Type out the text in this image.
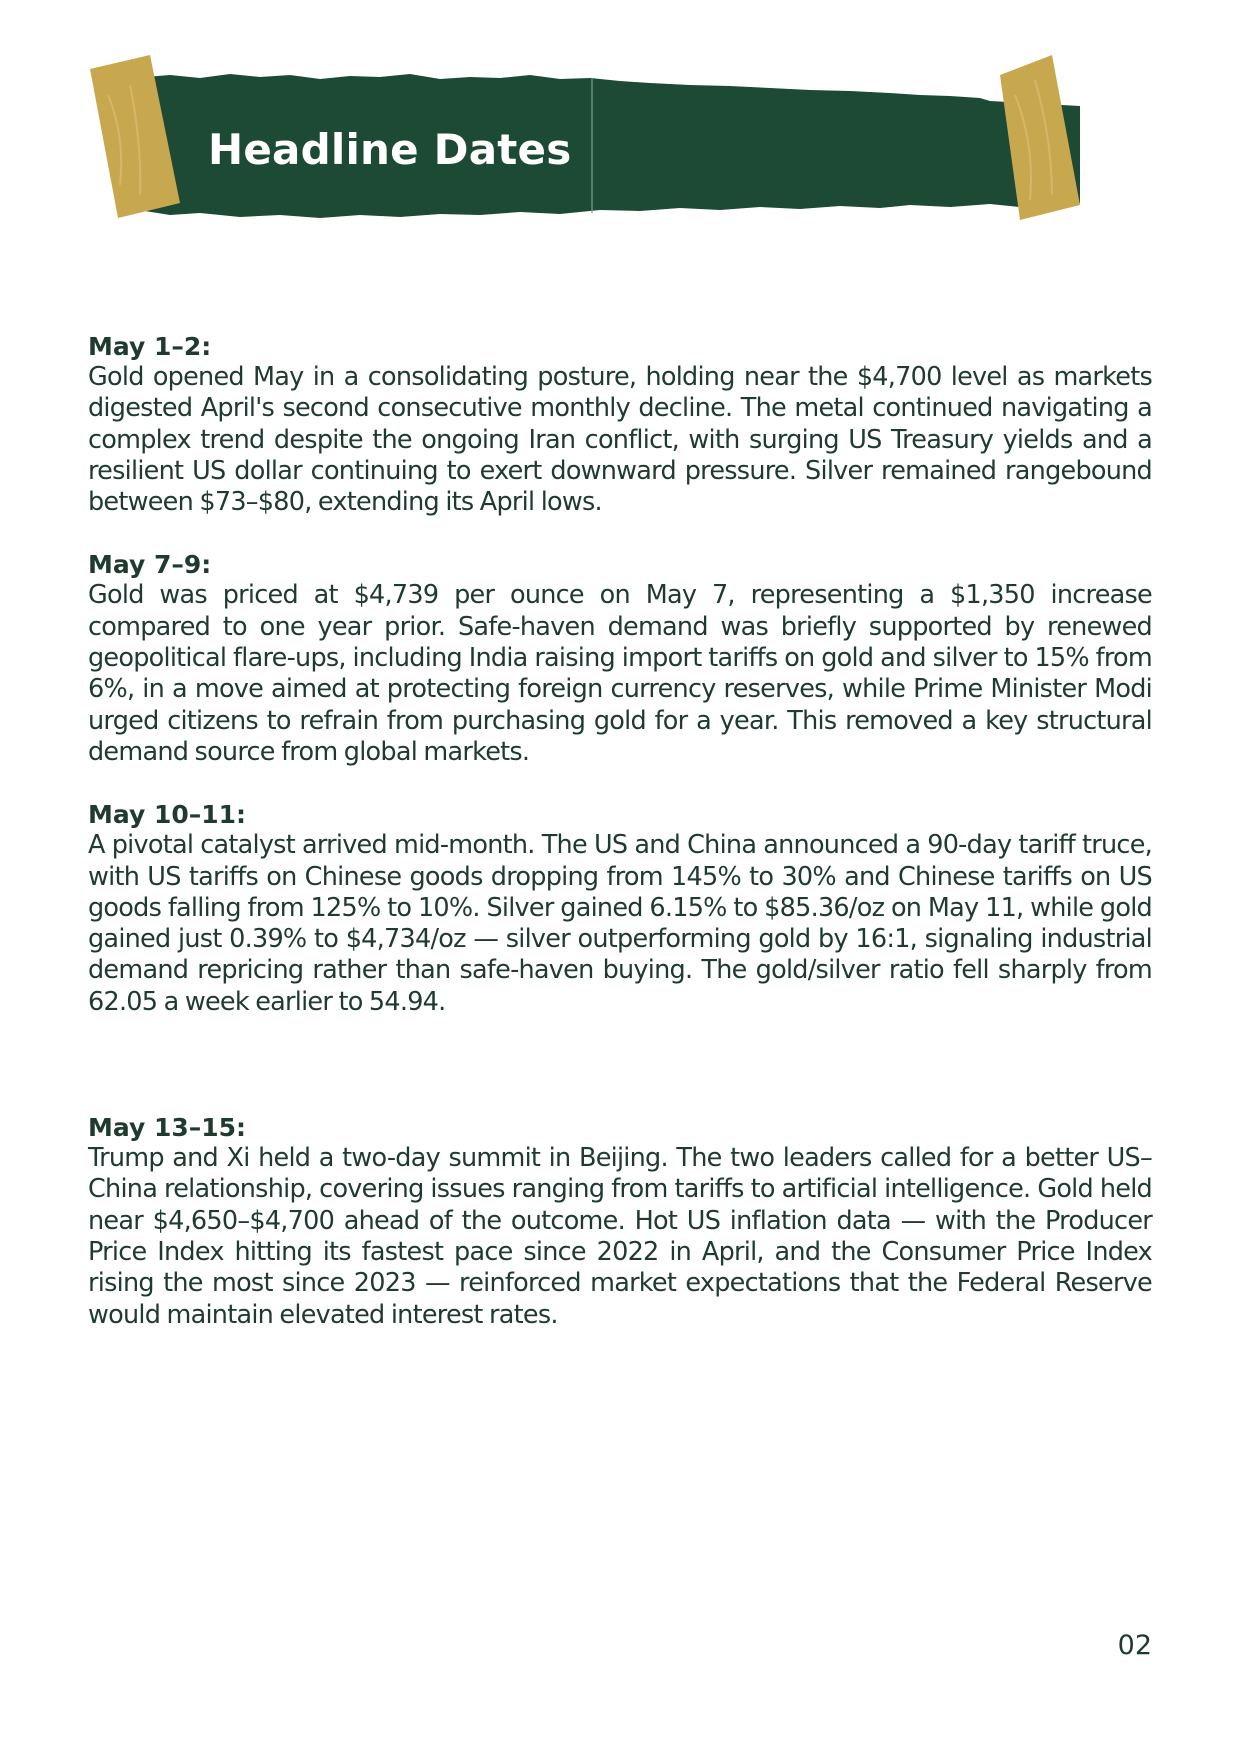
Headline Dates

May 1–2:

Gold opened May in a consolidating posture, holding near the $4,700 level as markets digested April's second consecutive monthly decline. The metal continued navigating a complex trend despite the ongoing Iran conflict, with surging US Treasury yields and a resilient US dollar continuing to exert downward pressure. Silver remained rangebound between $73–$80, extending its April lows.

May 7–9:

Gold was priced at $4,739 per ounce on May 7, representing a $1,350 increase compared to one year prior. Safe-haven demand was briefly supported by renewed geopolitical flare-ups, including India raising import tariffs on gold and silver to 15% from 6%, in a move aimed at protecting foreign currency reserves, while Prime Minister Modi urged citizens to refrain from purchasing gold for a year. This removed a key structural demand source from global markets.

May 10–11:

A pivotal catalyst arrived mid-month. The US and China announced a 90-day tariff truce, with US tariffs on Chinese goods dropping from 145% to 30% and Chinese tariffs on US goods falling from 125% to 10%. Silver gained 6.15% to $85.36/oz on May 11, while gold gained just 0.39% to $4,734/oz — silver outperforming gold by 16:1, signaling industrial demand repricing rather than safe-haven buying. The gold/silver ratio fell sharply from 62.05 a week earlier to 54.94.

May 13–15:

Trump and Xi held a two-day summit in Beijing. The two leaders called for a better US–China relationship, covering issues ranging from tariffs to artificial intelligence. Gold held near $4,650–$4,700 ahead of the outcome. Hot US inflation data — with the Producer Price Index hitting its fastest pace since 2022 in April, and the Consumer Price Index rising the most since 2023 — reinforced market expectations that the Federal Reserve would maintain elevated interest rates.

02
